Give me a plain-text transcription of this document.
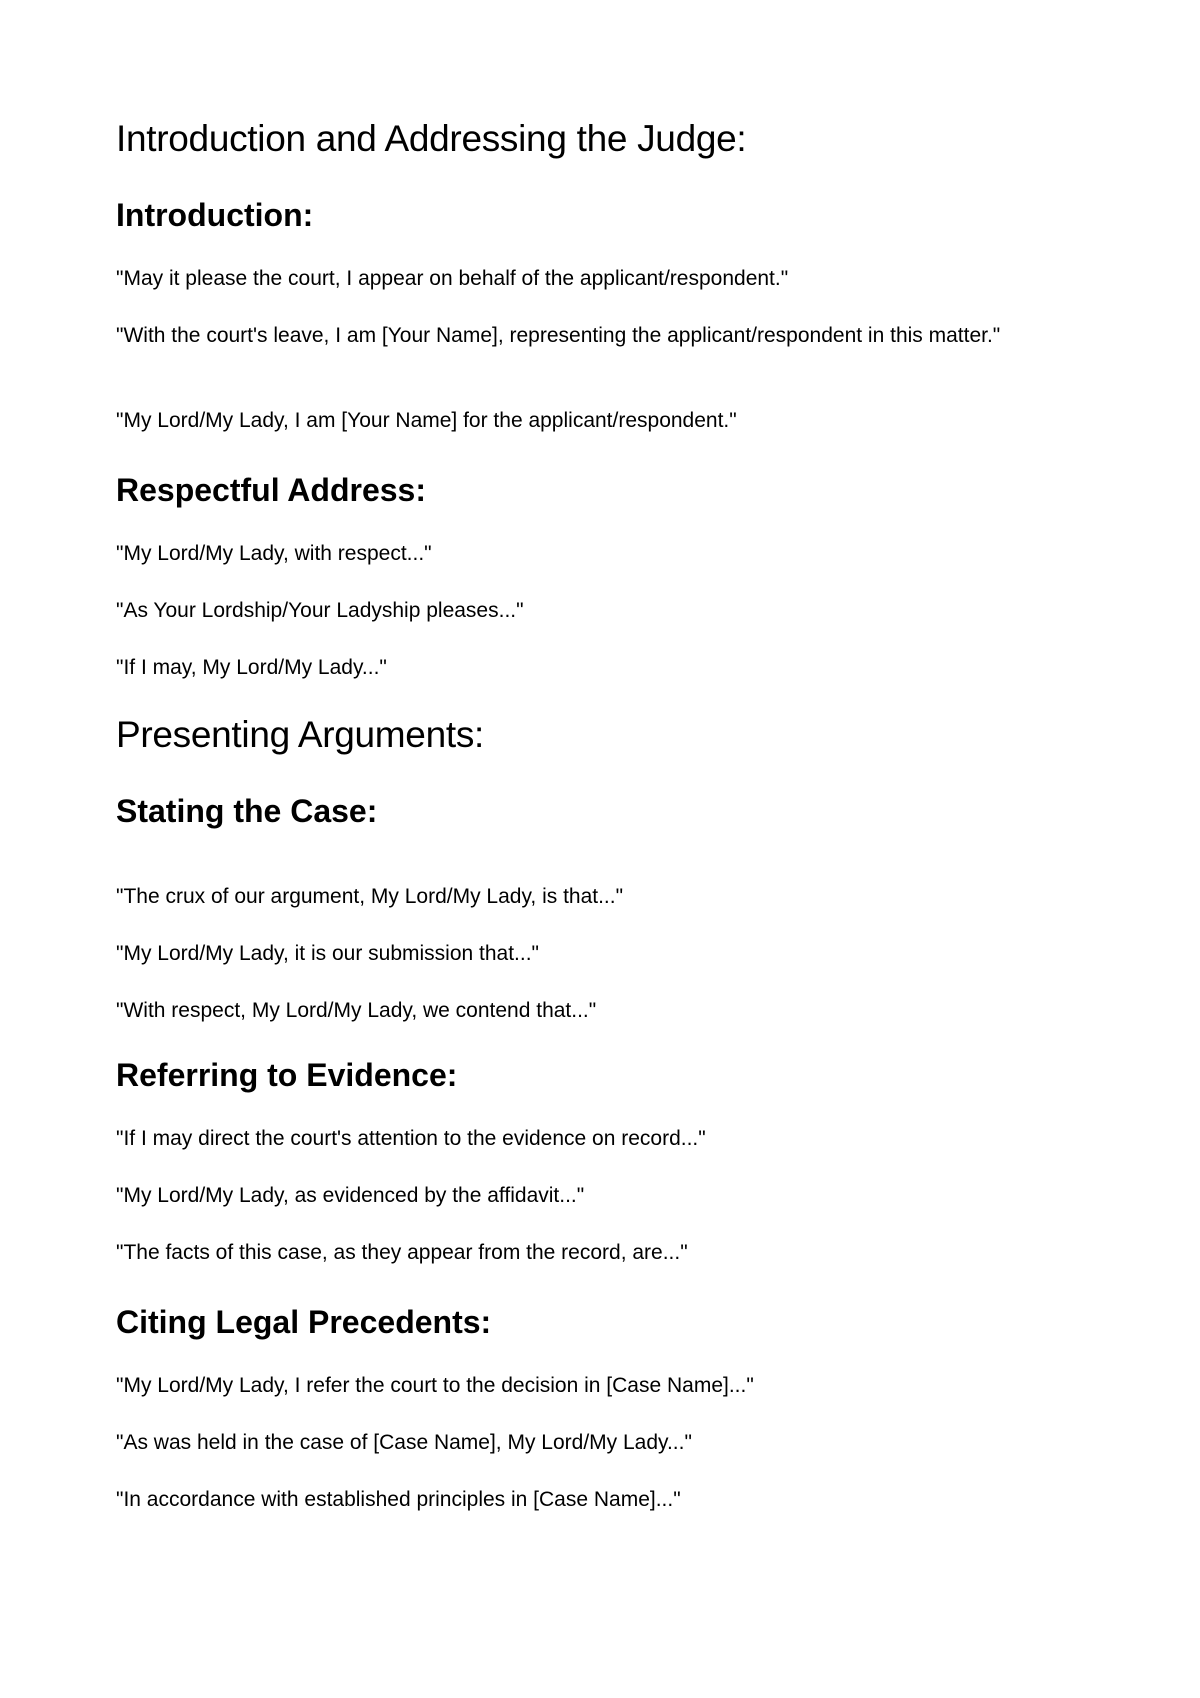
Introduction and Addressing the Judge:
Introduction:

"May it please the court, I appear on behalf of the applicant/respondent."

"With the court's leave, I am [Your Name], representing the applicant/respondent in this matter."

"My Lord/My Lady, I am [Your Name] for the applicant/respondent."

Respectful Address:

"My Lord/My Lady, with respect..."

"As Your Lordship/Your Ladyship pleases..."

"If I may, My Lord/My Lady..."

Presenting Arguments:
Stating the Case:

"The crux of our argument, My Lord/My Lady, is that..."

"My Lord/My Lady, it is our submission that..."

"With respect, My Lord/My Lady, we contend that..."

Referring to Evidence:

"If I may direct the court's attention to the evidence on record..."

"My Lord/My Lady, as evidenced by the affidavit..."

"The facts of this case, as they appear from the record, are..."

Citing Legal Precedents:

"My Lord/My Lady, I refer the court to the decision in [Case Name]..."

"As was held in the case of [Case Name], My Lord/My Lady..."

"In accordance with established principles in [Case Name]..."
